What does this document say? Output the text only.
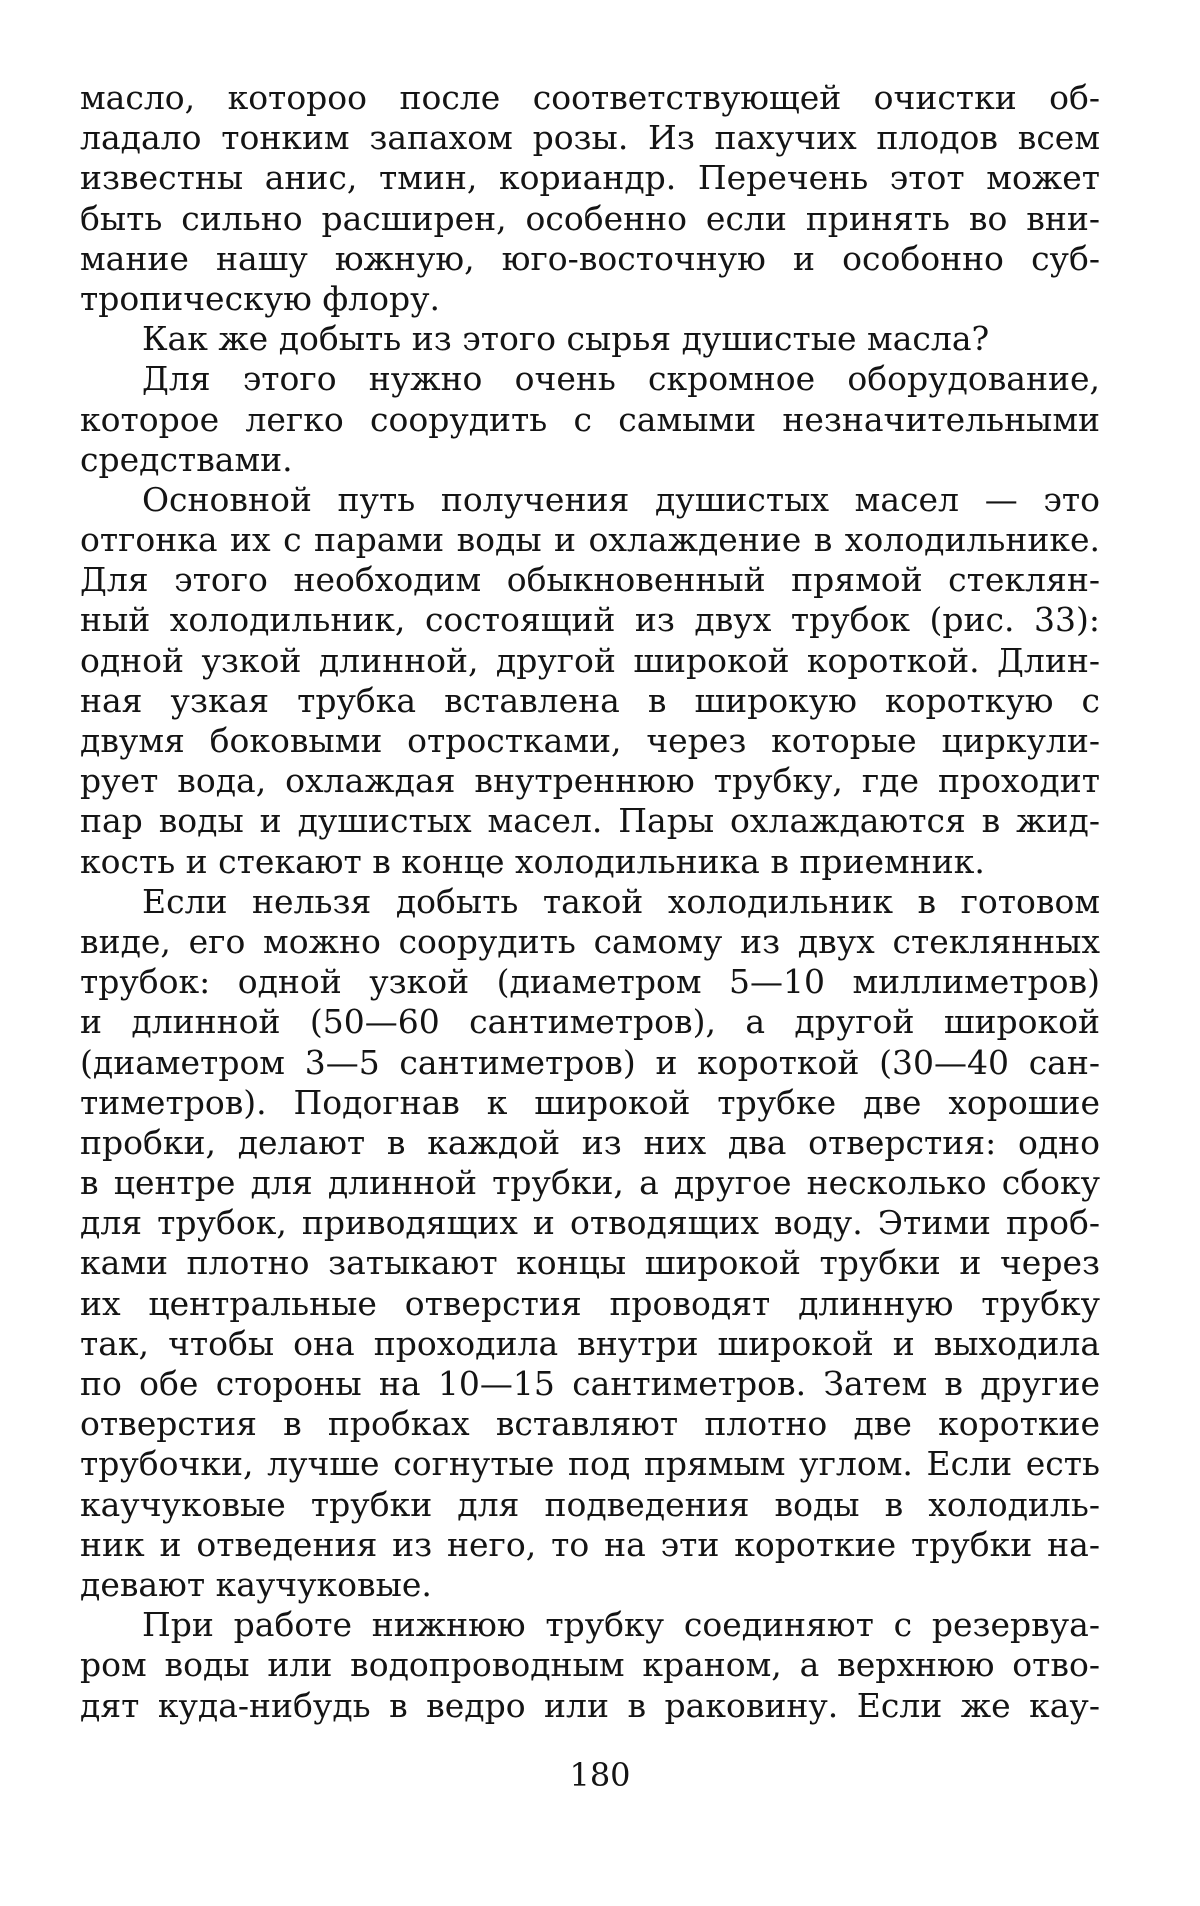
масло, котороо после соответствующей очистки об-
ладало тонким запахом розы. Из пахучих плодов всем
известны анис, тмин, кориандр. Перечень этот может
быть сильно расширен, особенно если принять во вни-
мание нашу южную, юго-восточную и особонно суб-
тропическую флору.
Как же добыть из этого сырья душистые масла?
Для этого нужно очень скромное оборудование,
которое легко соорудить с самыми незначительными
средствами.
Основной путь получения душистых масел — это
отгонка их с парами воды и охлаждение в холодильнике.
Для этого необходим обыкновенный прямой стеклян-
ный холодильник, состоящий из двух трубок (рис. 33):
одной узкой длинной, другой широкой короткой. Длин-
ная узкая трубка вставлена в широкую короткую с
двумя боковыми отростками, через которые циркули-
рует вода, охлаждая внутреннюю трубку, где проходит
пар воды и душистых масел. Пары охлаждаются в жид-
кость и стекают в конце холодильника в приемник.
Если нельзя добыть такой холодильник в готовом
виде, его можно соорудить самому из двух стеклянных
трубок: одной узкой (диаметром 5—10 миллиметров)
и длинной (50—60 сантиметров), а другой широкой
(диаметром 3—5 сантиметров) и короткой (30—40 сан-
тиметров). Подогнав к широкой трубке две хорошие
пробки, делают в каждой из них два отверстия: одно
в центре для длинной трубки, а другое несколько сбоку
для трубок, приводящих и отводящих воду. Этими проб-
ками плотно затыкают концы широкой трубки и через
их центральные отверстия проводят длинную трубку
так, чтобы она проходила внутри широкой и выходила
по обе стороны на 10—15 сантиметров. Затем в другие
отверстия в пробках вставляют плотно две короткие
трубочки, лучше согнутые под прямым углом. Если есть
каучуковые трубки для подведения воды в холодиль-
ник и отведения из него, то на эти короткие трубки на-
девают каучуковые.
При работе нижнюю трубку соединяют с резервуа-
ром воды или водопроводным краном, а верхнюю отво-
дят куда-нибудь в ведро или в раковину. Если же кау-
180
